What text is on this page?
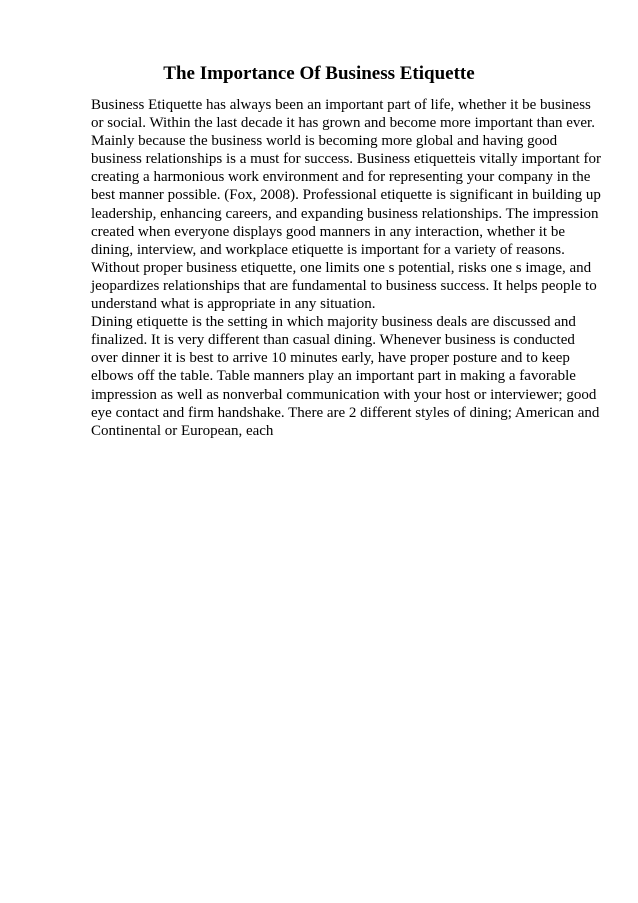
The Importance Of Business Etiquette
Business Etiquette has always been an important part of life, whether it be business
or social. Within the last decade it has grown and become more important than ever.
Mainly because the business world is becoming more global and having good
business relationships is a must for success. Business etiquetteis vitally important for
creating a harmonious work environment and for representing your company in the
best manner possible. (Fox, 2008). Professional etiquette is significant in building up
leadership, enhancing careers, and expanding business relationships. The impression
created when everyone displays good manners in any interaction, whether it be
dining, interview, and workplace etiquette is important for a variety of reasons.
Without proper business etiquette, one limits one s potential, risks one s image, and
jeopardizes relationships that are fundamental to business success. It helps people to
understand what is appropriate in any situation.
Dining etiquette is the setting in which majority business deals are discussed and
finalized. It is very different than casual dining. Whenever business is conducted
over dinner it is best to arrive 10 minutes early, have proper posture and to keep
elbows off the table. Table manners play an important part in making a favorable
impression as well as nonverbal communication with your host or interviewer; good
eye contact and firm handshake. There are 2 different styles of dining; American and
Continental or European, each
